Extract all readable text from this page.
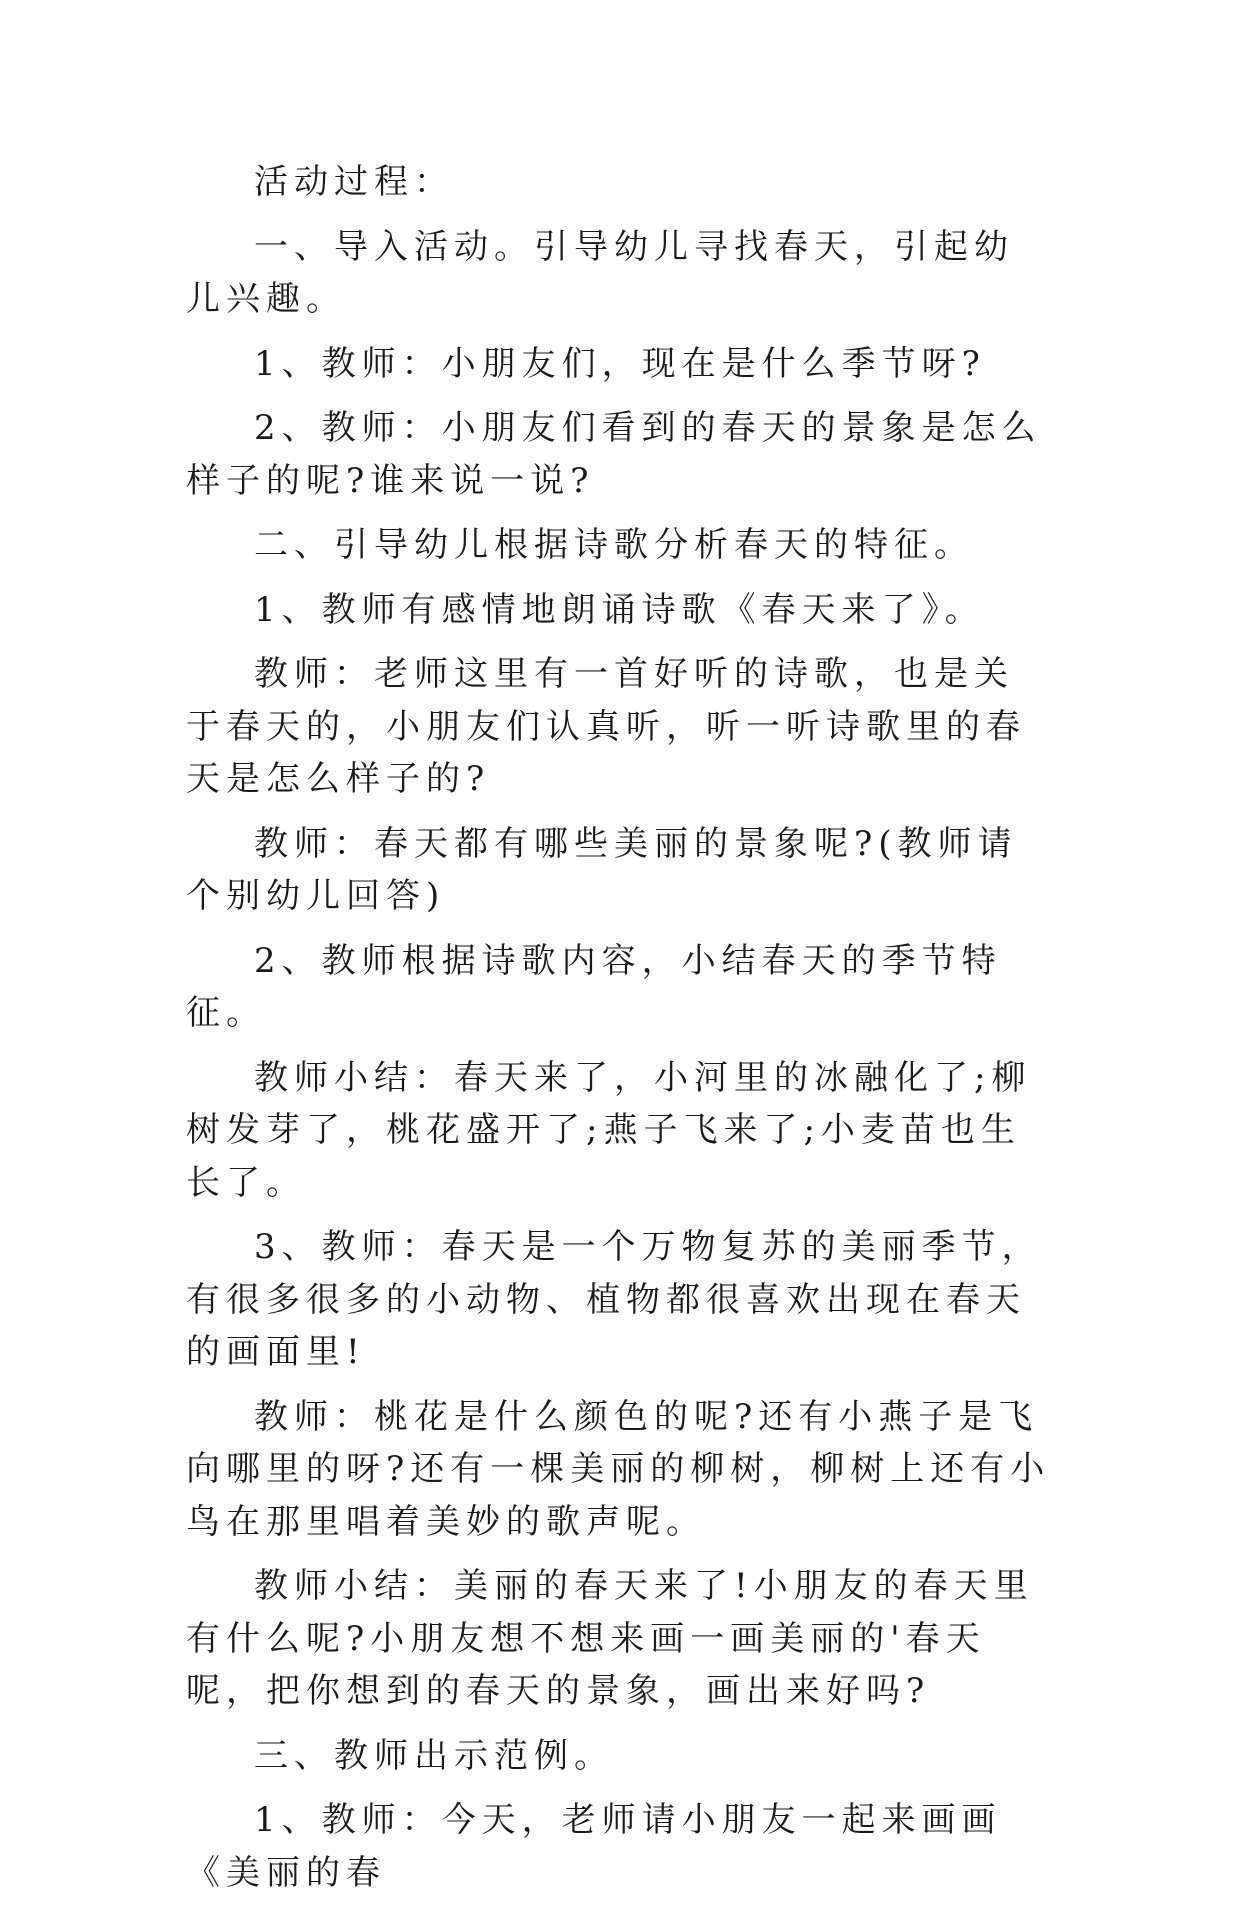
活动过程：

一、导入活动。引导幼儿寻找春天，引起幼儿兴趣。

1、教师：小朋友们，现在是什么季节呀?

2、教师：小朋友们看到的春天的景象是怎么样子的呢?谁来说一说?

二、引导幼儿根据诗歌分析春天的特征。

1、教师有感情地朗诵诗歌《春天来了》。

教师：老师这里有一首好听的诗歌，也是关于春天的，小朋友们认真听，听一听诗歌里的春天是怎么样子的?

教师：春天都有哪些美丽的景象呢?(教师请个别幼儿回答)

2、教师根据诗歌内容，小结春天的季节特征。

教师小结：春天来了，小河里的冰融化了;柳树发芽了，桃花盛开了;燕子飞来了;小麦苗也生长了。

3、教师：春天是一个万物复苏的美丽季节，有很多很多的小动物、植物都很喜欢出现在春天的画面里!

教师：桃花是什么颜色的呢?还有小燕子是飞向哪里的呀?还有一棵美丽的柳树，柳树上还有小鸟在那里唱着美妙的歌声呢。

教师小结：美丽的春天来了!小朋友的春天里有什么呢?小朋友想不想来画一画美丽的'春天呢，把你想到的春天的景象，画出来好吗?

三、教师出示范例。

1、教师：今天，老师请小朋友一起来画画《美丽的春
